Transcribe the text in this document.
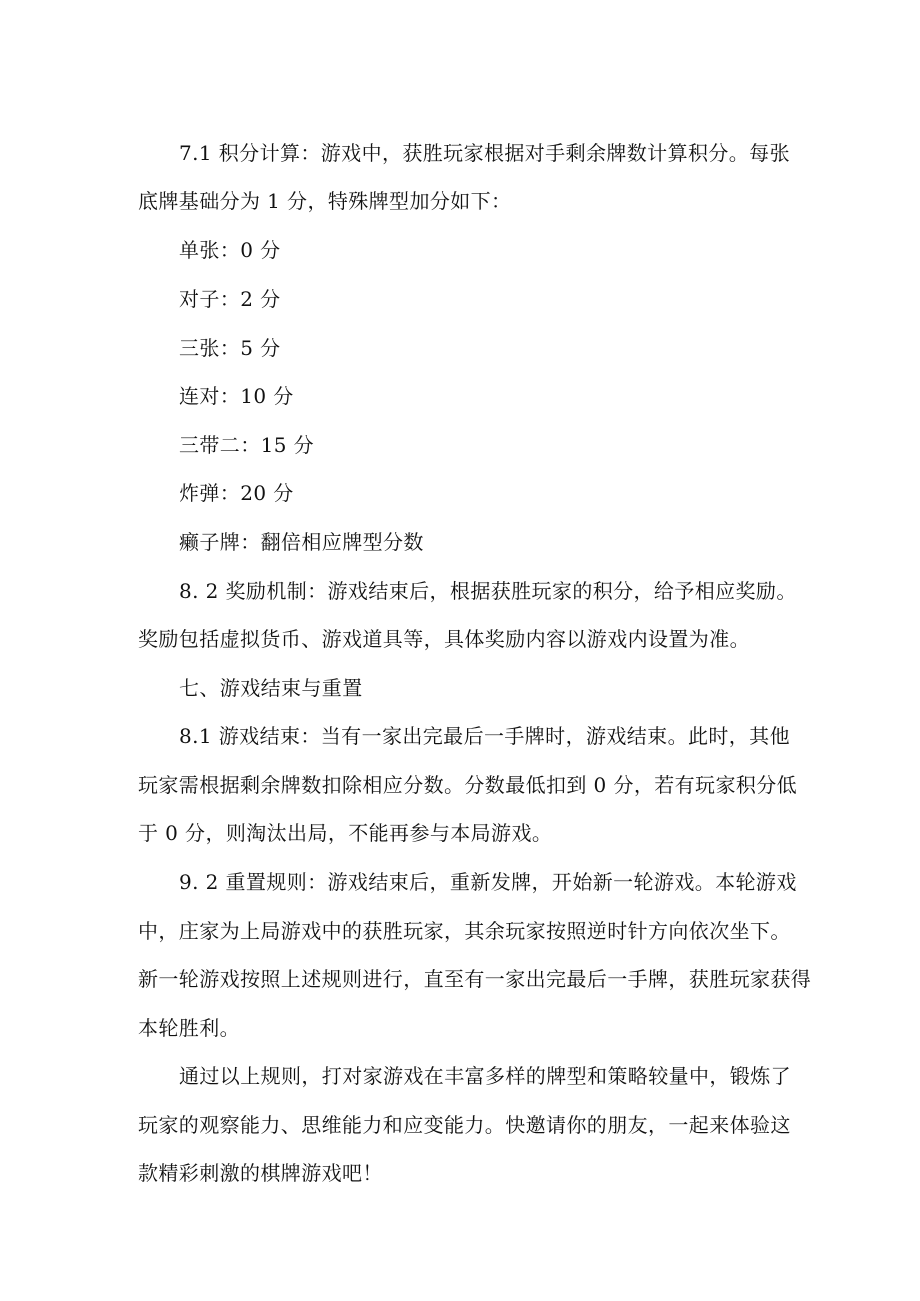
7.1 积分计算：游戏中，获胜玩家根据对手剩余牌数计算积分。每张
底牌基础分为 1 分，特殊牌型加分如下：
单张：0 分
对子：2 分
三张：5 分
连对：10 分
三带二：15 分
炸弹：20 分
癞子牌：翻倍相应牌型分数
8. 2 奖励机制：游戏结束后，根据获胜玩家的积分，给予相应奖励。
奖励包括虚拟货币、游戏道具等，具体奖励内容以游戏内设置为准。
七、游戏结束与重置
8.1 游戏结束：当有一家出完最后一手牌时，游戏结束。此时，其他
玩家需根据剩余牌数扣除相应分数。分数最低扣到 0 分，若有玩家积分低
于 0 分，则淘汰出局，不能再参与本局游戏。
9. 2 重置规则：游戏结束后，重新发牌，开始新一轮游戏。本轮游戏
中，庄家为上局游戏中的获胜玩家，其余玩家按照逆时针方向依次坐下。
新一轮游戏按照上述规则进行，直至有一家出完最后一手牌，获胜玩家获得
本轮胜利。
通过以上规则，打对家游戏在丰富多样的牌型和策略较量中，锻炼了
玩家的观察能力、思维能力和应变能力。快邀请你的朋友，一起来体验这
款精彩刺激的棋牌游戏吧！
